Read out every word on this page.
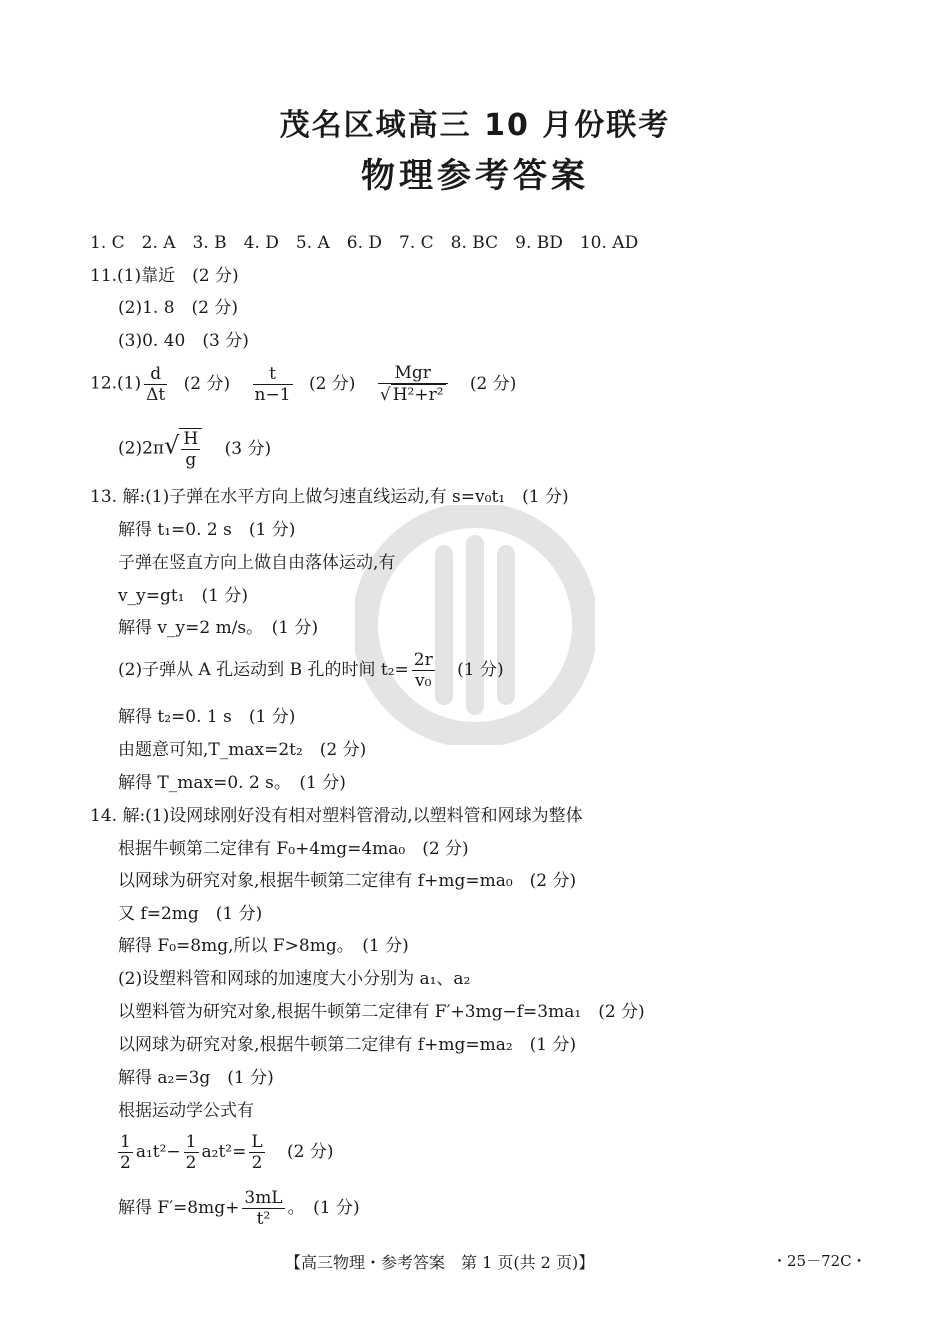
茂名区域高三 10 月份联考
物理参考答案
1. C　2. A　3. B　4. D　5. A　6. D　7. C　8. BC　9. BD　10. AD
11.(1)靠近　(2 分)
(2)1. 8　(2 分)
(3)0. 40　(3 分)
$12.(1) \frac{d}{\Delta t} (2$ 分) $\frac{t}{n-1} (2$ 分) $\frac{\text{Mgr}}{\text{√ H²+r²}} (2$ 分)
$(2)2\pi√ \frac{H}{g} (3$ 分)
13. 解:(1)子弹在水平方向上做匀速直线运动,有 s=v₀t₁　(1 分)
解得 t₁=0. 2 s　(1 分)
子弹在竖直方向上做自由落体运动,有
v_y=gt₁　(1 分)
解得 v_y=2 m/s。　(1 分)
(2)子弹从 A 孔运动到 B 孔的时间 $t_2= \frac{2r}{\text{v₀}} (1$ 分)
解得 t₂=0. 1 s　(1 分)
由题意可知,T_max=2t₂　(2 分)
解得 T_max=0. 2 s。　(1 分)
14. 解:(1)设网球刚好没有相对塑料管滑动,以塑料管和网球为整体
根据牛顿第二定律有 F₀+4mg=4ma₀　(2 分)
以网球为研究对象,根据牛顿第二定律有 f+mg=ma₀　(2 分)
又 f=2mg　(1 分)
解得 F₀=8mg,所以 F>8mg。　(1 分)
(2)设塑料管和网球的加速度大小分别为 a₁、a₂
以塑料管为研究对象,根据牛顿第二定律有 F′+3mg−f=3ma₁　(2 分)
以网球为研究对象,根据牛顿第二定律有 f+mg=ma₂　(1 分)
解得 a₂=3g　(1 分)
根据运动学公式有
$\frac{1}{2} a_1t^2- \frac{1}{2} a_2t^2= \frac{L}{2} (2$ 分)
解得 $F'=8mg+ \frac{3mL}{\text{t²}}$ 。　(1 分)
【高三物理・参考答案　第 1 页(共 2 页)】	・25－72C・
